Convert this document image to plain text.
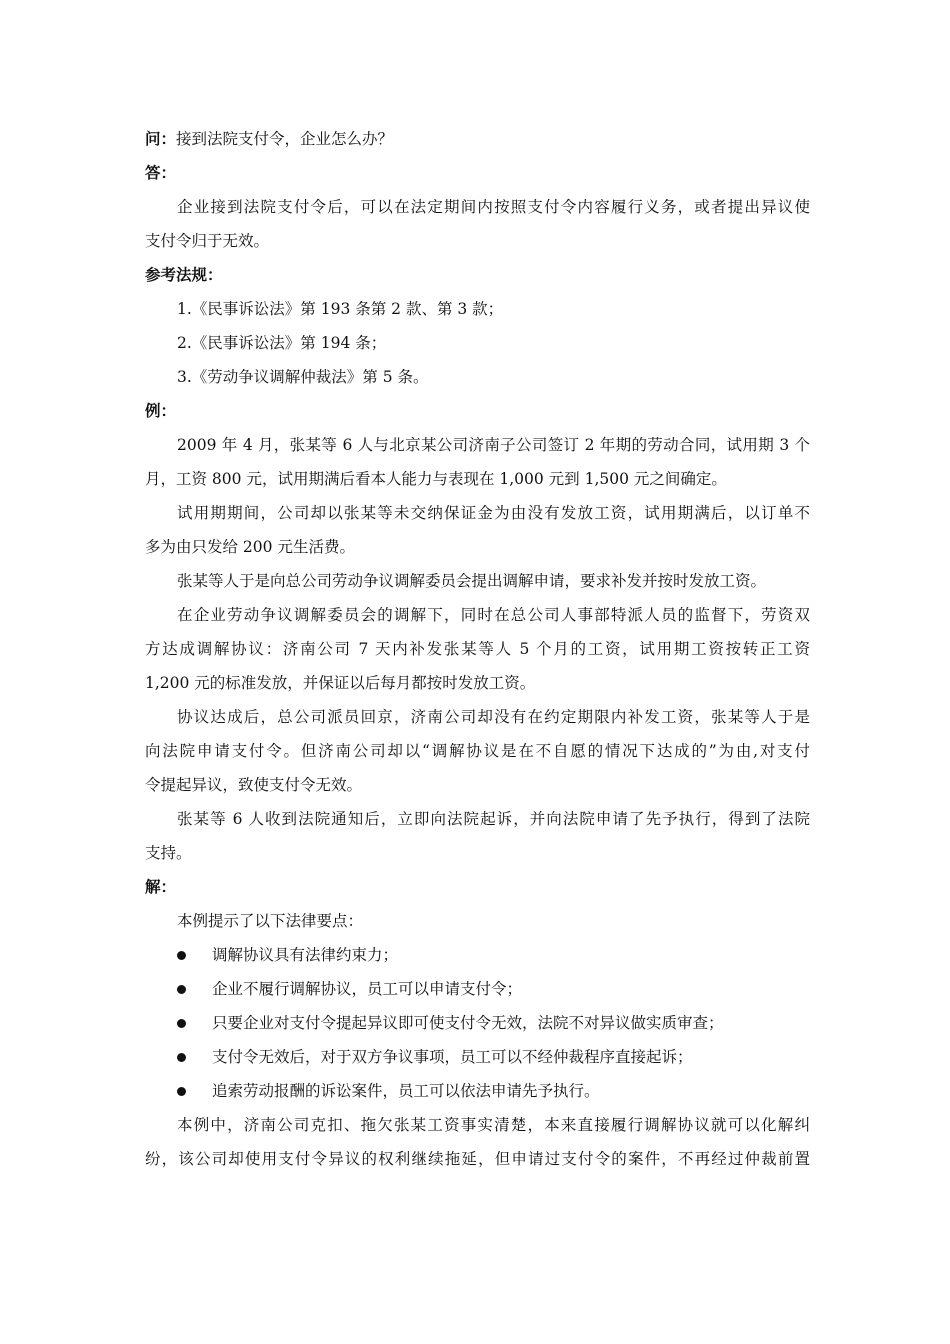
问：接到法院支付令，企业怎么办？
答：
企业接到法院支付令后，可以在法定期间内按照支付令内容履行义务，或者提出异议使
支付令归于无效。
参考法规：
1.《民事诉讼法》第 193 条第 2 款、第 3 款；
2.《民事诉讼法》第 194 条；
3.《劳动争议调解仲裁法》第 5 条。
例：
2009 年 4 月，张某等 6 人与北京某公司济南子公司签订 2 年期的劳动合同，试用期 3 个
月，工资 800 元，试用期满后看本人能力与表现在 1,000 元到 1,500 元之间确定。
试用期期间，公司却以张某等未交纳保证金为由没有发放工资，试用期满后，以订单不
多为由只发给 200 元生活费。
张某等人于是向总公司劳动争议调解委员会提出调解申请，要求补发并按时发放工资。
在企业劳动争议调解委员会的调解下，同时在总公司人事部特派人员的监督下，劳资双
方达成调解协议：济南公司 7 天内补发张某等人 5 个月的工资，试用期工资按转正工资
1,200 元的标准发放，并保证以后每月都按时发放工资。
协议达成后，总公司派员回京，济南公司却没有在约定期限内补发工资，张某等人于是
向法院申请支付令。但济南公司却以“调解协议是在不自愿的情况下达成的”为由,对支付
令提起异议，致使支付令无效。
张某等 6 人收到法院通知后，立即向法院起诉，并向法院申请了先予执行，得到了法院
支持。
解：
本例提示了以下法律要点：
调解协议具有法律约束力；
企业不履行调解协议，员工可以申请支付令；
只要企业对支付令提起异议即可使支付令无效，法院不对异议做实质审查；
支付令无效后，对于双方争议事项，员工可以不经仲裁程序直接起诉；
追索劳动报酬的诉讼案件，员工可以依法申请先予执行。
本例中，济南公司克扣、拖欠张某工资事实清楚，本来直接履行调解协议就可以化解纠
纷，该公司却使用支付令异议的权利继续拖延，但申请过支付令的案件，不再经过仲裁前置
